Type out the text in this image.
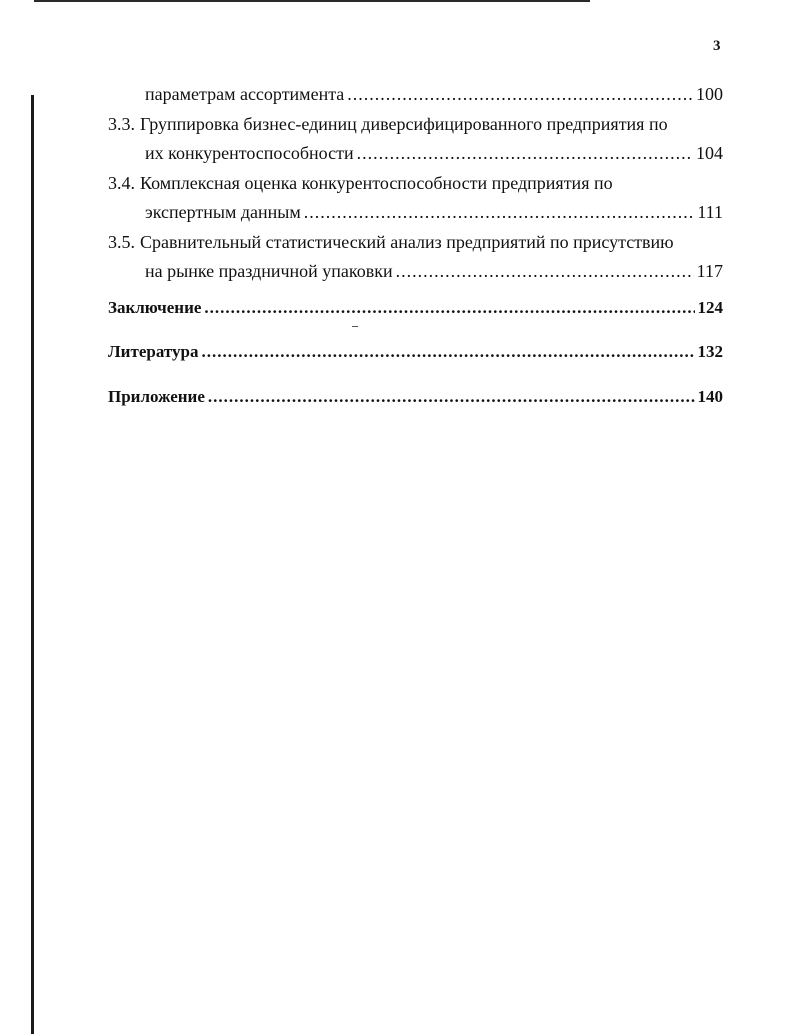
3
параметрам ассортимента .....	100
3.3. Группировка бизнес-единиц диверсифицированного предприятия по
их конкурентоспособности .....	104
3.4. Комплексная оценка конкурентоспособности предприятия по
экспертным данным .....	111
3.5. Сравнительный статистический анализ предприятий по присутствию
на рынке праздничной упаковки .....	117
Заключение .....	124
Литература .....	132
Приложение .....	140
